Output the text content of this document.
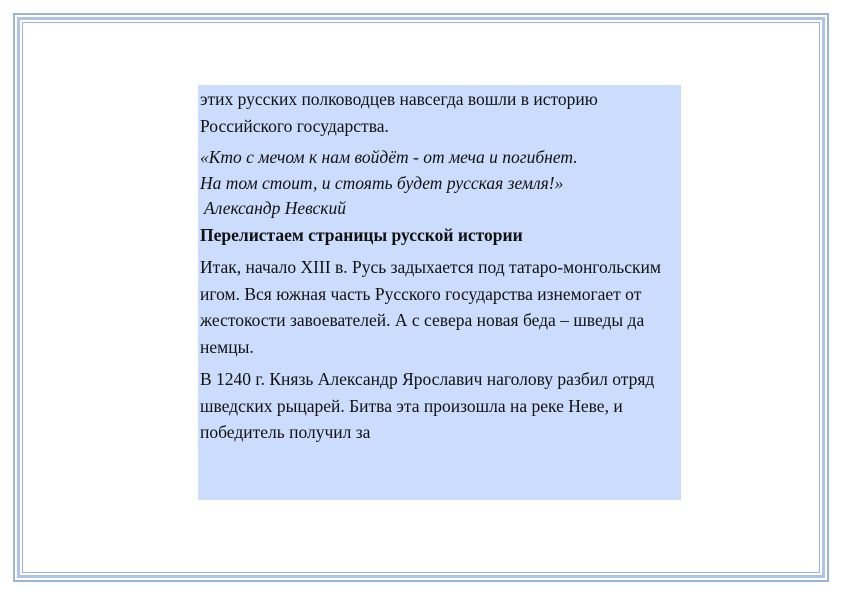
этих русских полководцев навсегда вошли в историю Российского государства.

«Кто с мечом к нам войдёт - от меча и погибнет.

На том стоит, и стоять будет русская земля!»

Александр Невский

Перелистаем страницы русской истории

Итак, начало XIII в. Русь задыхается под татаро-монгольским игом. Вся южная часть Русского государства изнемогает от жестокости завоевателей. А с севера новая беда – шведы да немцы.

В 1240 г. Князь Александр Ярославич наголову разбил отряд шведских рыцарей. Битва эта произошла на реке Неве, и победитель получил за
